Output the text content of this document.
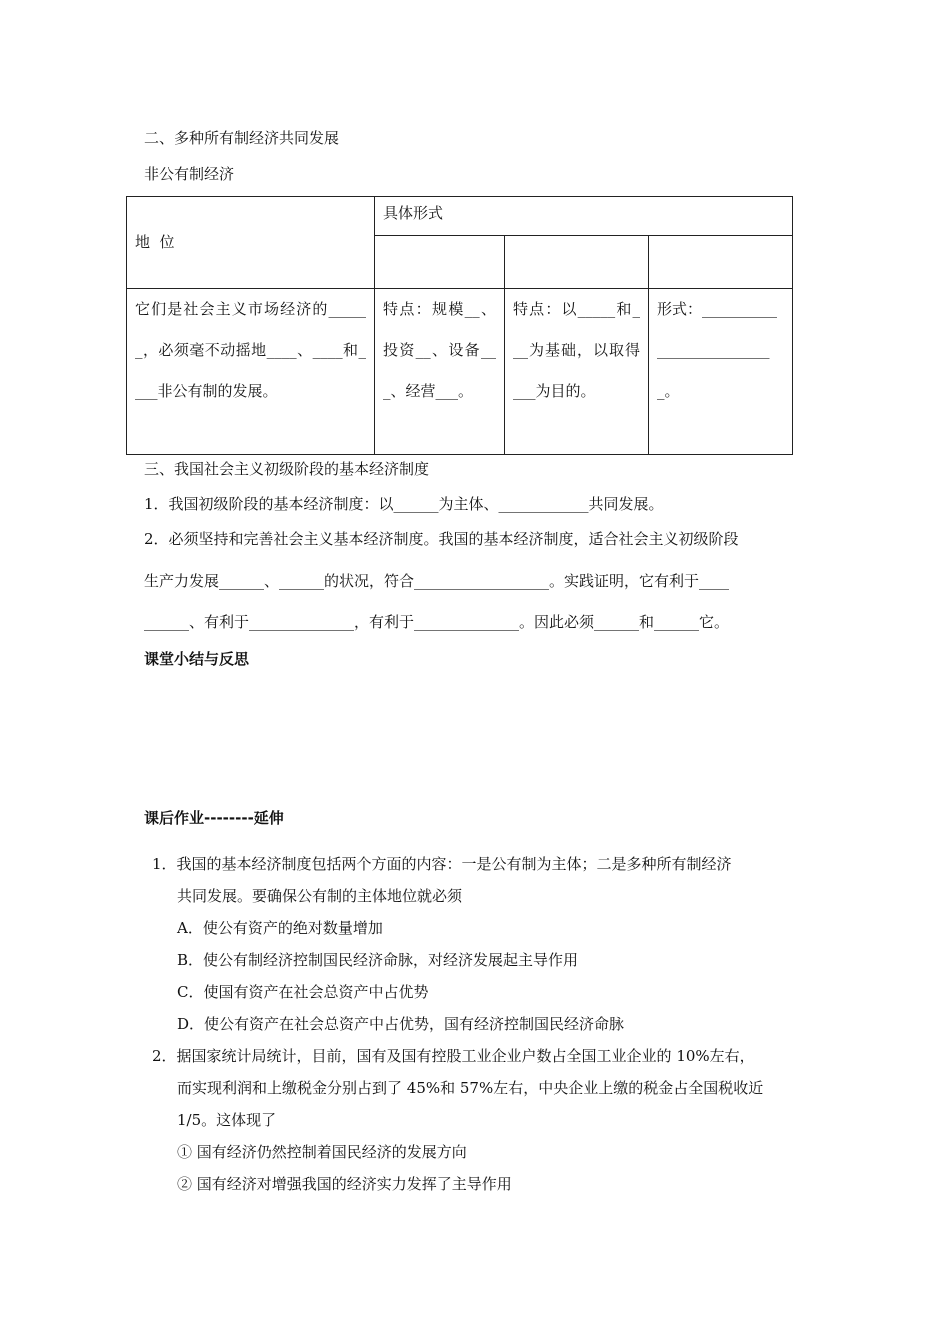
二、多种所有制经济共同发展
非公有制经济
地  位	具体形式		

它们是社会主义市场经济的______，必须毫不动摇地____、____和____非公有制的发展。	特点：规模__、投资__、设备___、经营___。	特点：以_____和___为基础，以取得___为目的。	形式：__________________________。
三、我国社会主义初级阶段的基本经济制度
1．我国初级阶段的基本经济制度：以______为主体、____________共同发展。
2．必须坚持和完善社会主义基本经济制度。我国的基本经济制度，适合社会主义初级阶段
生产力发展______、______的状况，符合__________________。实践证明，它有利于____
______、有利于______________，有利于______________。因此必须______和______它。
课堂小结与反思
课后作业--------延伸
1．我国的基本经济制度包括两个方面的内容：一是公有制为主体；二是多种所有制经济
共同发展。要确保公有制的主体地位就必须
A．使公有资产的绝对数量增加
B．使公有制经济控制国民经济命脉，对经济发展起主导作用
C．使国有资产在社会总资产中占优势
D．使公有资产在社会总资产中占优势，国有经济控制国民经济命脉
2．据国家统计局统计，目前，国有及国有控股工业企业户数占全国工业企业的 10%左右，
而实现利润和上缴税金分别占到了 45%和 57%左右，中央企业上缴的税金占全国税收近
1/5。这体现了
① 国有经济仍然控制着国民经济的发展方向
② 国有经济对增强我国的经济实力发挥了主导作用
